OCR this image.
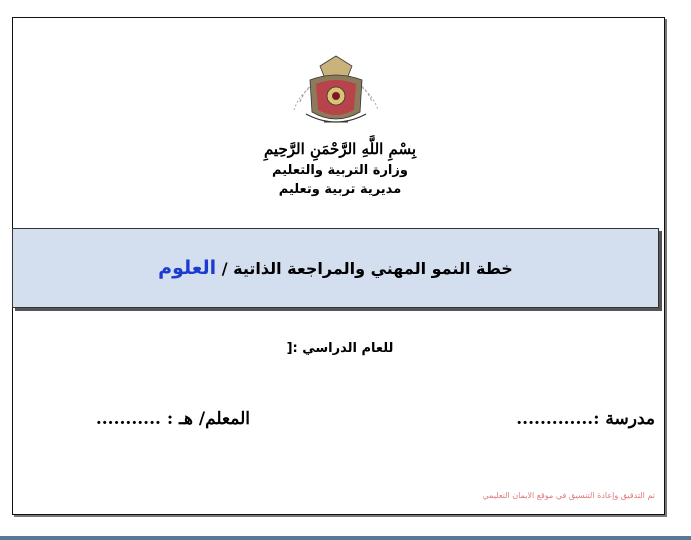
بِسْمِ اللَّهِ الرَّحْمَنِ الرَّحِيمِ
وزارة التربية والتعليم
مديرية تربية وتعليم
خطة النمو المهني والمراجعة الذاتية / العلوم
للعام الدراسي :[
مدرسة :.............
المعلم/ هـ : ...........
تم التدقيق وإعادة التنسيق في موقع الايمان التعليمي
